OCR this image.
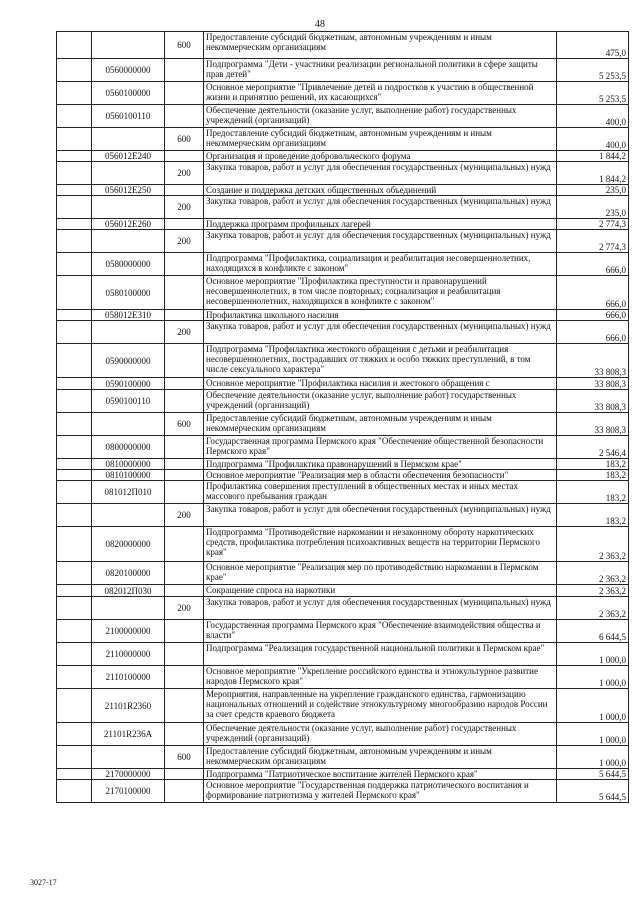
48
		600	Предоставление субсидий бюджетным, автономным учреждениям и иным некоммерческим организациям	475,0
	0560000000		Подпрограмма "Дети - участники реализации региональной политики в сфере защиты прав детей"	5 253,5
	0560100000		Основное мероприятие "Привлечение детей и подростков к участию в общественной жизни и принятию решений, их касающихся"	5 253,5
	0560100110		Обеспечение деятельности (оказание услуг, выполнение работ) государственных учреждений (организаций)	400,0
		600	Предоставление субсидий бюджетным, автономным учреждениям и иным некоммерческим организациям	400,0
	056012Е240		Организация и проведение добровольческого форума	1 844,2
		200	Закупка товаров, работ и услуг для обеспечения государственных (муниципальных) нужд	1 844,2
	056012Е250		Создание и поддержка детских общественных объединений	235,0
		200	Закупка товаров, работ и услуг для обеспечения государственных (муниципальных) нужд	235,0
	056012Е260		Поддержка программ профильных лагерей	2 774,3
		200	Закупка товаров, работ и услуг для обеспечения государственных (муниципальных) нужд	2 774,3
	0580000000		Подпрограмма "Профилактика, социализация и реабилитация несовершеннолетних, находящихся в конфликте с законом"	666,0
	0580100000		Основное мероприятие "Профилактика преступности и правонарушений несовершеннолетних, в том числе повторных; социализация и реабилитация несовершеннолетних, находящихся в конфликте с законом"	666,0
	058012Е310		Профилактика школьного насилия	666,0
		200	Закупка товаров, работ и услуг для обеспечения государственных (муниципальных) нужд	666,0
	0590000000		Подпрограмма "Профилактика жестокого обращения с детьми и реабилитация несовершеннолетних, пострадавших от тяжких и особо тяжких преступлений, в том числе сексуального характера"	33 808,3
	0590100000		Основное мероприятие "Профилактика насилия и жестокого обращения с	33 808,3
	0590100110		Обеспечение деятельности (оказание услуг, выполнение работ) государственных учреждений (организаций)	33 808,3
		600	Предоставление субсидий бюджетным, автономным учреждениям и иным некоммерческим организациям	33 808,3
	0800000000		Государственная программа Пермского края "Обеспечение общественной безопасности Пермского края"	2 546,4
	0810000000		Подпрограмма "Профилактика правонарушений в Пермском крае"	183,2
	0810100000		Основное мероприятие "Реализация мер в области обеспечения безопасности"	183,2
	081012П010		Профилактика совершения преступлений в общественных местах и иных местах массового пребывания граждан	183,2
		200	Закупка товаров, работ и услуг для обеспечения государственных (муниципальных) нужд	183,2
	0820000000		Подпрограмма "Противодействие наркомании и незаконному обороту наркотических средств, профилактика потребления психоактивных веществ на территории Пермского края"	2 363,2
	0820100000		Основное мероприятие "Реализация мер по противодействию наркомании в Пермском крае"	2 363,2
	082012П030		Сокращение спроса на наркотики	2 363,2
		200	Закупка товаров, работ и услуг для обеспечения государственных (муниципальных) нужд	2 363,2
	2100000000		Государственная программа Пермского края "Обеспечение взаимодействия общества и власти"	6 644,5
	2110000000		Подпрограмма "Реализация государственной национальной политики в Пермском крае"	1 000,0
	2110100000		Основное мероприятие "Укрепление российского единства и этнокультурное развитие народов Пермского края"	1 000,0
	21101R2360		Мероприятия, направленные на укрепление гражданского единства, гармонизацию национальных отношений и содействие этнокультурному многообразию народов России за счет средств краевого бюджета	1 000,0
	21101R236А		Обеспечение деятельности (оказание услуг, выполнение работ) государственных учреждений (организаций)	1 000,0
		600	Предоставление субсидий бюджетным, автономным учреждениям и иным некоммерческим организациям	1 000,0
	2170000000		Подпрограмма "Патриотическое воспитание жителей Пермского края"	5 644,5
	2170100000		Основное мероприятие "Государственная поддержка патриотического воспитания и формирование патриотизма у жителей Пермского края"	5 644,5
3027-17
